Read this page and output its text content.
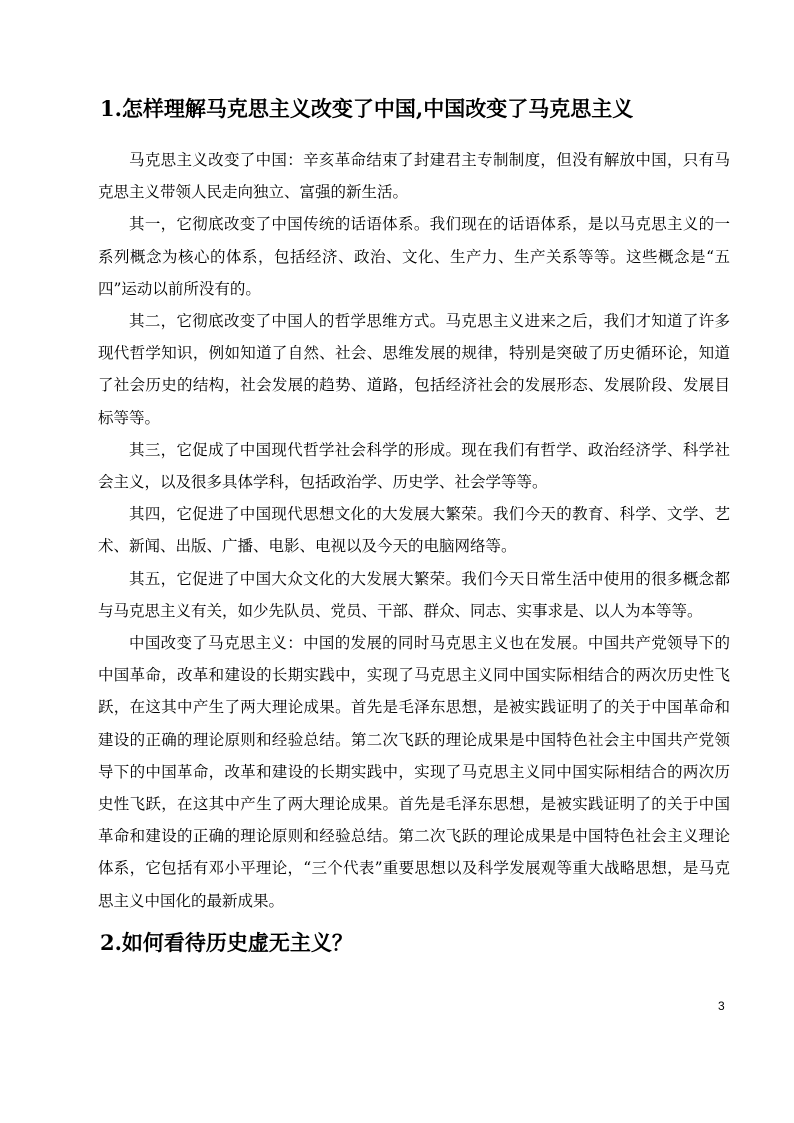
1.怎样理解马克思主义改变了中国,中国改变了马克思主义

马克思主义改变了中国：辛亥革命结束了封建君主专制制度，但没有解放中国，只有马克思主义带领人民走向独立、富强的新生活。

其一，它彻底改变了中国传统的话语体系。我们现在的话语体系，是以马克思主义的一系列概念为核心的体系，包括经济、政治、文化、生产力、生产关系等等。这些概念是“五四”运动以前所没有的。

其二，它彻底改变了中国人的哲学思维方式。马克思主义进来之后，我们才知道了许多现代哲学知识，例如知道了自然、社会、思维发展的规律，特别是突破了历史循环论，知道了社会历史的结构，社会发展的趋势、道路，包括经济社会的发展形态、发展阶段、发展目标等等。

其三，它促成了中国现代哲学社会科学的形成。现在我们有哲学、政治经济学、科学社会主义，以及很多具体学科，包括政治学、历史学、社会学等等。

其四，它促进了中国现代思想文化的大发展大繁荣。我们今天的教育、科学、文学、艺术、新闻、出版、广播、电影、电视以及今天的电脑网络等。

其五，它促进了中国大众文化的大发展大繁荣。我们今天日常生活中使用的很多概念都与马克思主义有关，如少先队员、党员、干部、群众、同志、实事求是、以人为本等等。

中国改变了马克思主义：中国的发展的同时马克思主义也在发展。中国共产党领导下的中国革命，改革和建设的长期实践中，实现了马克思主义同中国实际相结合的两次历史性飞跃，在这其中产生了两大理论成果。首先是毛泽东思想，是被实践证明了的关于中国革命和建设的正确的理论原则和经验总结。第二次飞跃的理论成果是中国特色社会主中国共产党领导下的中国革命，改革和建设的长期实践中，实现了马克思主义同中国实际相结合的两次历史性飞跃，在这其中产生了两大理论成果。首先是毛泽东思想，是被实践证明了的关于中国革命和建设的正确的理论原则和经验总结。第二次飞跃的理论成果是中国特色社会主义理论体系，它包括有邓小平理论，“三个代表”重要思想以及科学发展观等重大战略思想，是马克思主义中国化的最新成果。

2.如何看待历史虚无主义？
3
